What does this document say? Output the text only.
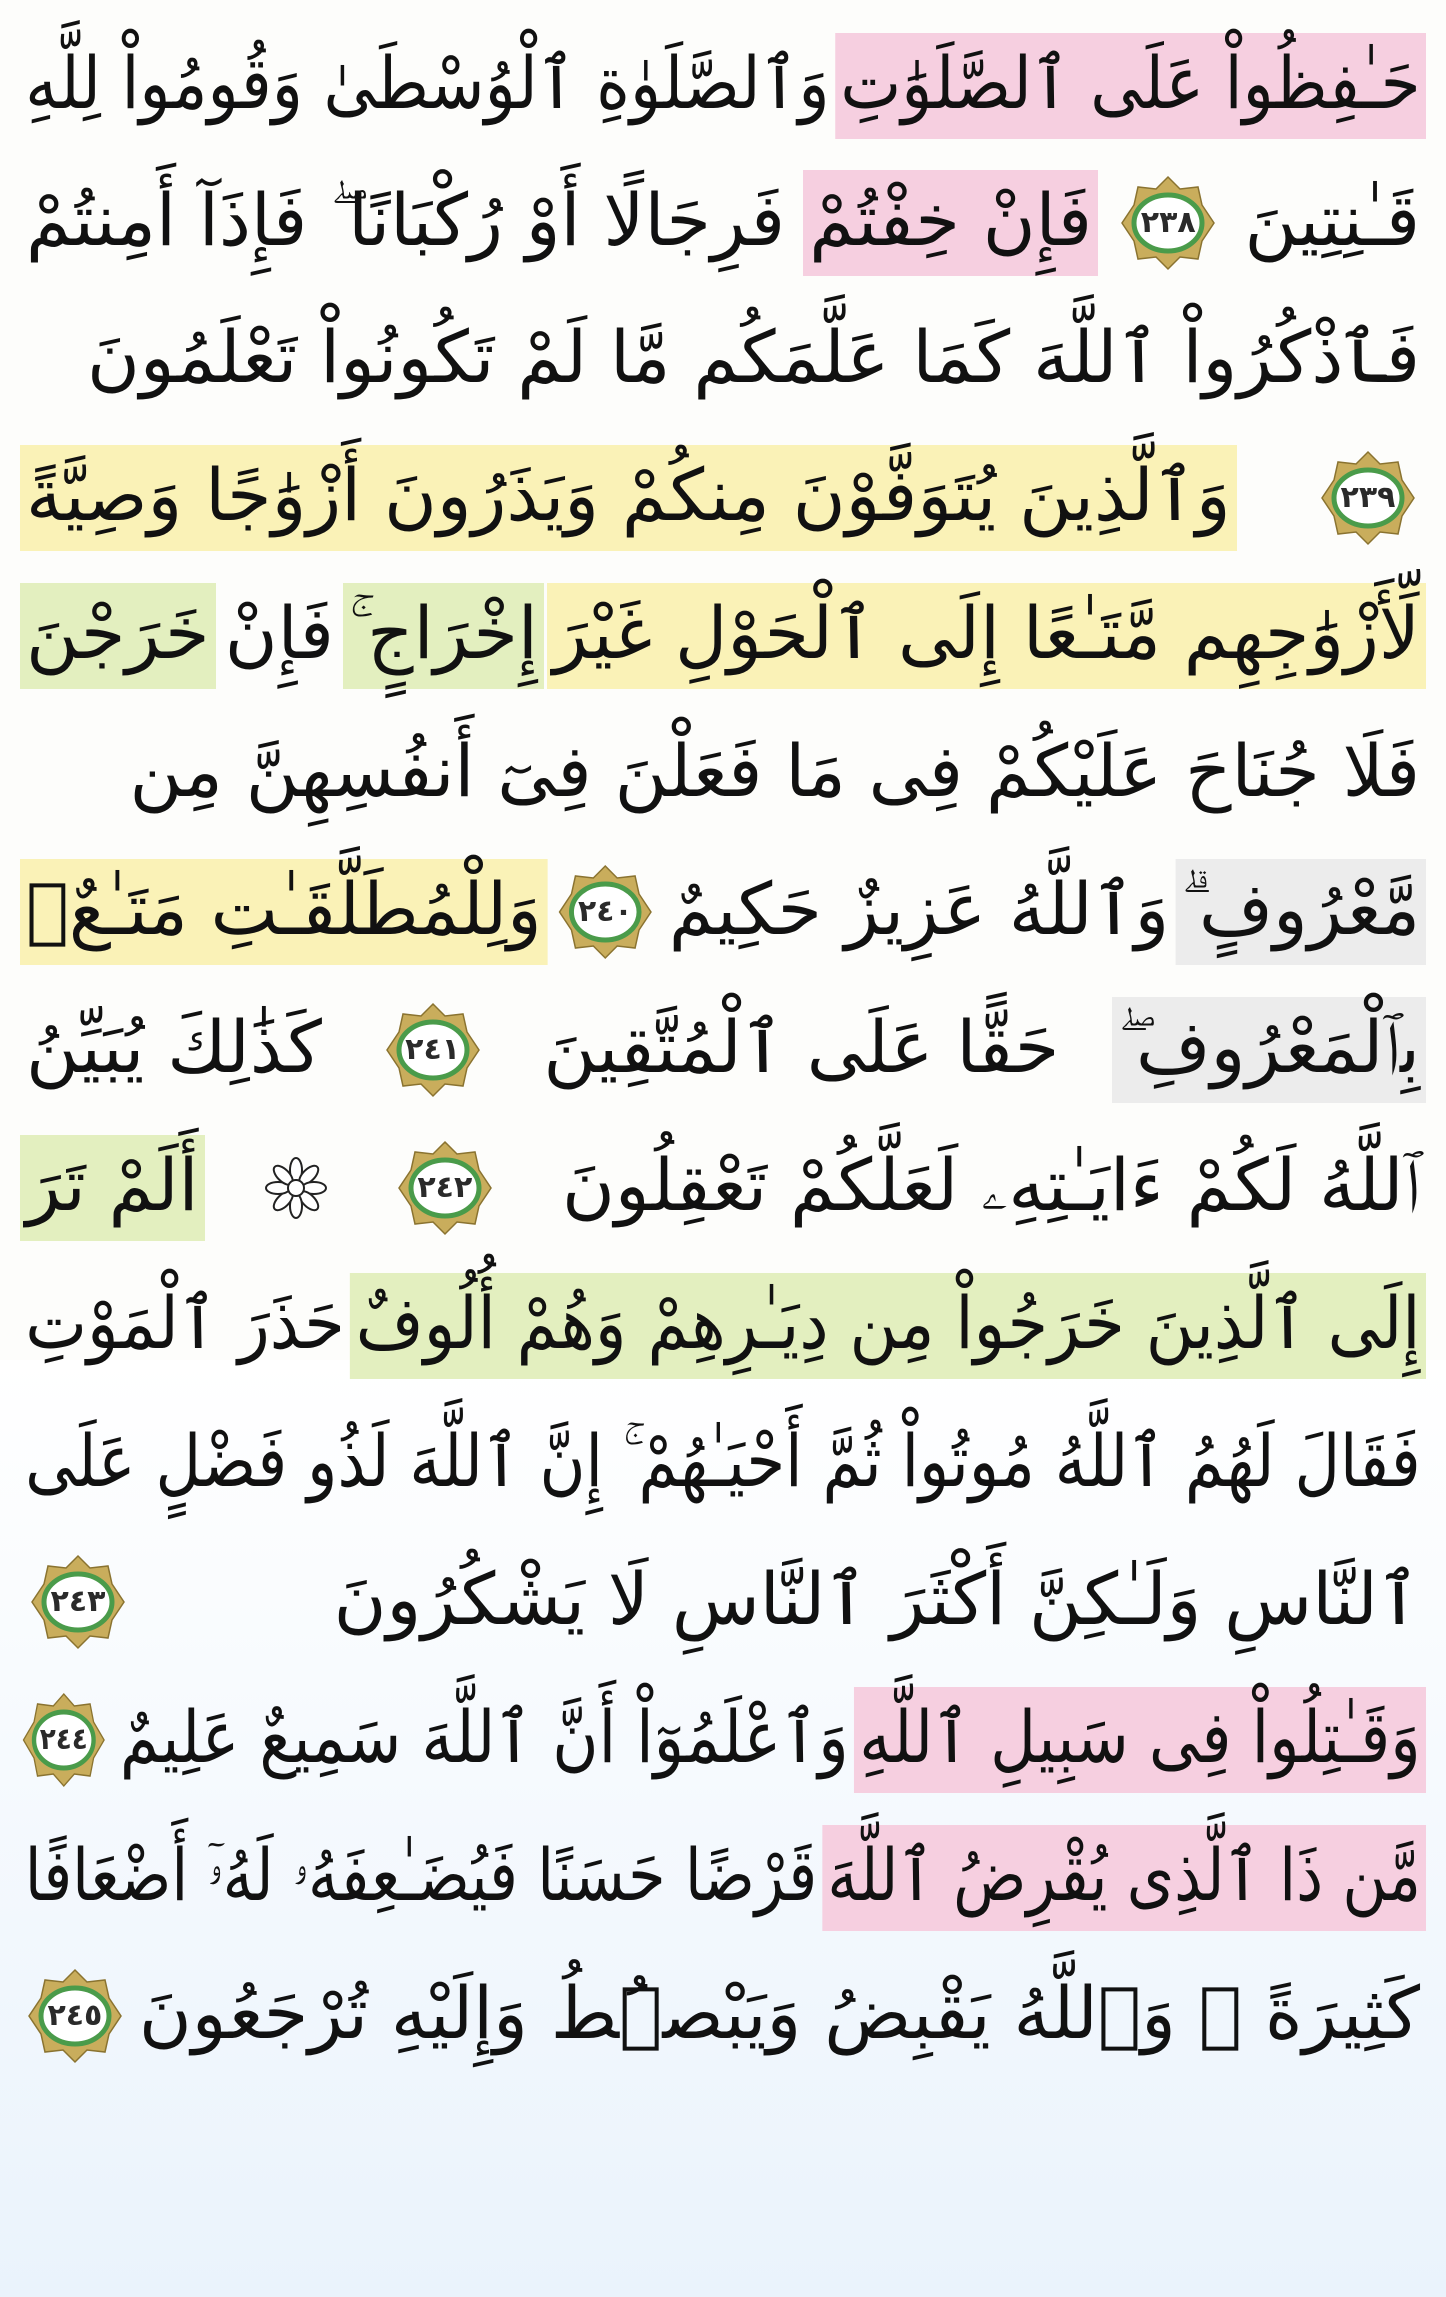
حَـٰفِظُواْ عَلَى ٱلصَّلَوَٰتِ
وَٱلصَّلَوٰةِ ٱلْوُسْطَىٰ وَقُومُواْ لِلَّهِ
قَـٰنِتِينَ
٢٣٨
فَإِنْ خِفْتُمْ
فَرِجَالًا أَوْ رُكْبَانًا ۖ فَإِذَآ أَمِنتُمْ
فَٱذْكُرُواْ ٱللَّهَ كَمَا عَلَّمَكُم مَّا لَمْ تَكُونُواْ تَعْلَمُونَ
٢٣٩
وَٱلَّذِينَ يُتَوَفَّوْنَ مِنكُمْ وَيَذَرُونَ أَزْوَٰجًا وَصِيَّةً
لِّأَزْوَٰجِهِم مَّتَـٰعًا إِلَى ٱلْحَوْلِ غَيْرَ
إِخْرَاجٍ ۚ
فَإِنْ
خَرَجْنَ
فَلَا جُنَاحَ عَلَيْكُمْ فِى مَا فَعَلْنَ فِىٓ أَنفُسِهِنَّ مِن
مَّعْرُوفٍ ۗ
وَٱللَّهُ عَزِيزٌ حَكِيمٌ
٢٤٠
وَلِلْمُطَلَّقَـٰتِ مَتَـٰعٌۢ
بِٱلْمَعْرُوفِ ۖ
حَقًّا عَلَى ٱلْمُتَّقِينَ
٢٤١
كَذَٰلِكَ يُبَيِّنُ
ٱللَّهُ لَكُمْ ءَايَـٰتِهِۦ لَعَلَّكُمْ تَعْقِلُونَ
٢٤٢
أَلَمْ تَرَ
إِلَى ٱلَّذِينَ خَرَجُواْ مِن دِيَـٰرِهِمْ وَهُمْ أُلُوفٌ
حَذَرَ ٱلْمَوْتِ
فَقَالَ لَهُمُ ٱللَّهُ مُوتُواْ ثُمَّ أَحْيَـٰهُمْ ۚ إِنَّ ٱللَّهَ لَذُو فَضْلٍ عَلَى
ٱلنَّاسِ وَلَـٰكِنَّ أَكْثَرَ ٱلنَّاسِ لَا يَشْكُرُونَ
٢٤٣
وَقَـٰتِلُواْ فِى سَبِيلِ ٱللَّهِ
وَٱعْلَمُوٓاْ أَنَّ ٱللَّهَ سَمِيعٌ عَلِيمٌ
٢٤٤
مَّن ذَا ٱلَّذِى يُقْرِضُ ٱللَّهَ
قَرْضًا حَسَنًا فَيُضَـٰعِفَهُۥ لَهُۥٓ أَضْعَافًا
كَثِيرَةً ۚ وَٱللَّهُ يَقْبِضُ وَيَبْصُۜطُ وَإِلَيْهِ تُرْجَعُونَ
٢٤٥
